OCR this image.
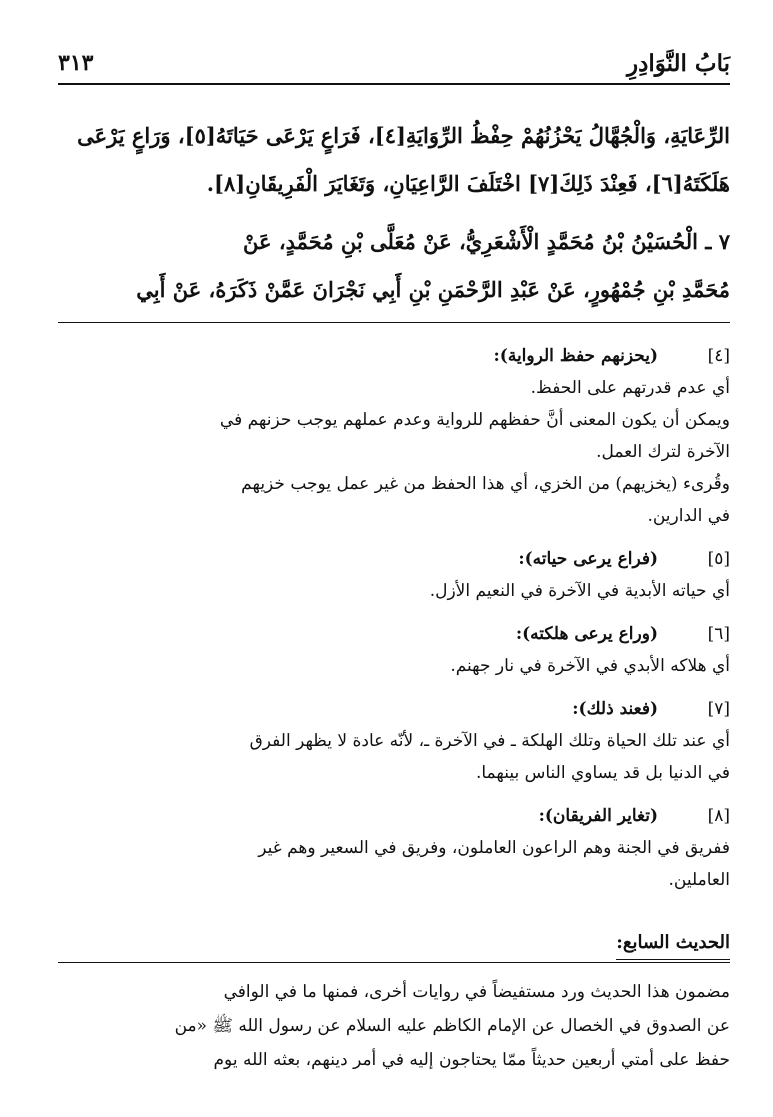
بَابُ النَّوَادِرِ
٣١٣

الرِّعَايَةِ، وَالْجُهَّالُ يَحْزُنُهُمْ حِفْظُ الرِّوَايَةِ[٤]، فَرَاعٍ يَرْعَى حَيَاتَهُ[٥]، وَرَاعٍ يَرْعَى

هَلَكَتَهُ[٦]، فَعِنْدَ ذَلِكَ[٧] اخْتَلَفَ الرَّاعِيَانِ، وَتَغَايَرَ الْفَرِيقَانِ[٨].

٧ ـ الْحُسَيْنُ بْنُ مُحَمَّدٍ الْأَشْعَرِيُّ، عَنْ مُعَلَّى بْنِ مُحَمَّدٍ، عَنْ

مُحَمَّدِ بْنِ جُمْهُورٍ، عَنْ عَبْدِ الرَّحْمَنِ بْنِ أَبِي نَجْرَانَ عَمَّنْ ذَكَرَهُ، عَنْ أَبِي

[٤]
(يحزنهم حفظ الرواية):

أي عدم قدرتهم على الحفظ.

ويمكن أن يكون المعنى أنَّ حفظهم للرواية وعدم عملهم يوجب حزنهم في

الآخرة لترك العمل.

وقُرىء (يخزيهم) من الخزي، أي هذا الحفظ من غير عمل يوجب خزيهم

في الدارين.

[٥]
(فراع يرعى حياته):

أي حياته الأبدية في الآخرة في النعيم الأزل.

[٦]
(وراع يرعى هلكته):

أي هلاكه الأبدي في الآخرة في نار جهنم.

[٧]
(فعند ذلك):

أي عند تلك الحياة وتلك الهلكة ـ في الآخرة ـ، لأنّه عادة لا يظهر الفرق

في الدنيا بل قد يساوي الناس بينهما.

[٨]
(تغاير الفريقان):

ففريق في الجنة وهم الراعون العاملون، وفريق في السعير وهم غير

العاملين.

الحديث السابع:

مضمون هذا الحديث ورد مستفيضاً في روايات أخرى، فمنها ما في الوافي

عن الصدوق في الخصال عن الإمام الكاظم عليه السلام عن رسول الله ﷺ «من

حفظ على أمتي أربعين حديثاً ممّا يحتاجون إليه في أمر دينهم، بعثه الله يوم
